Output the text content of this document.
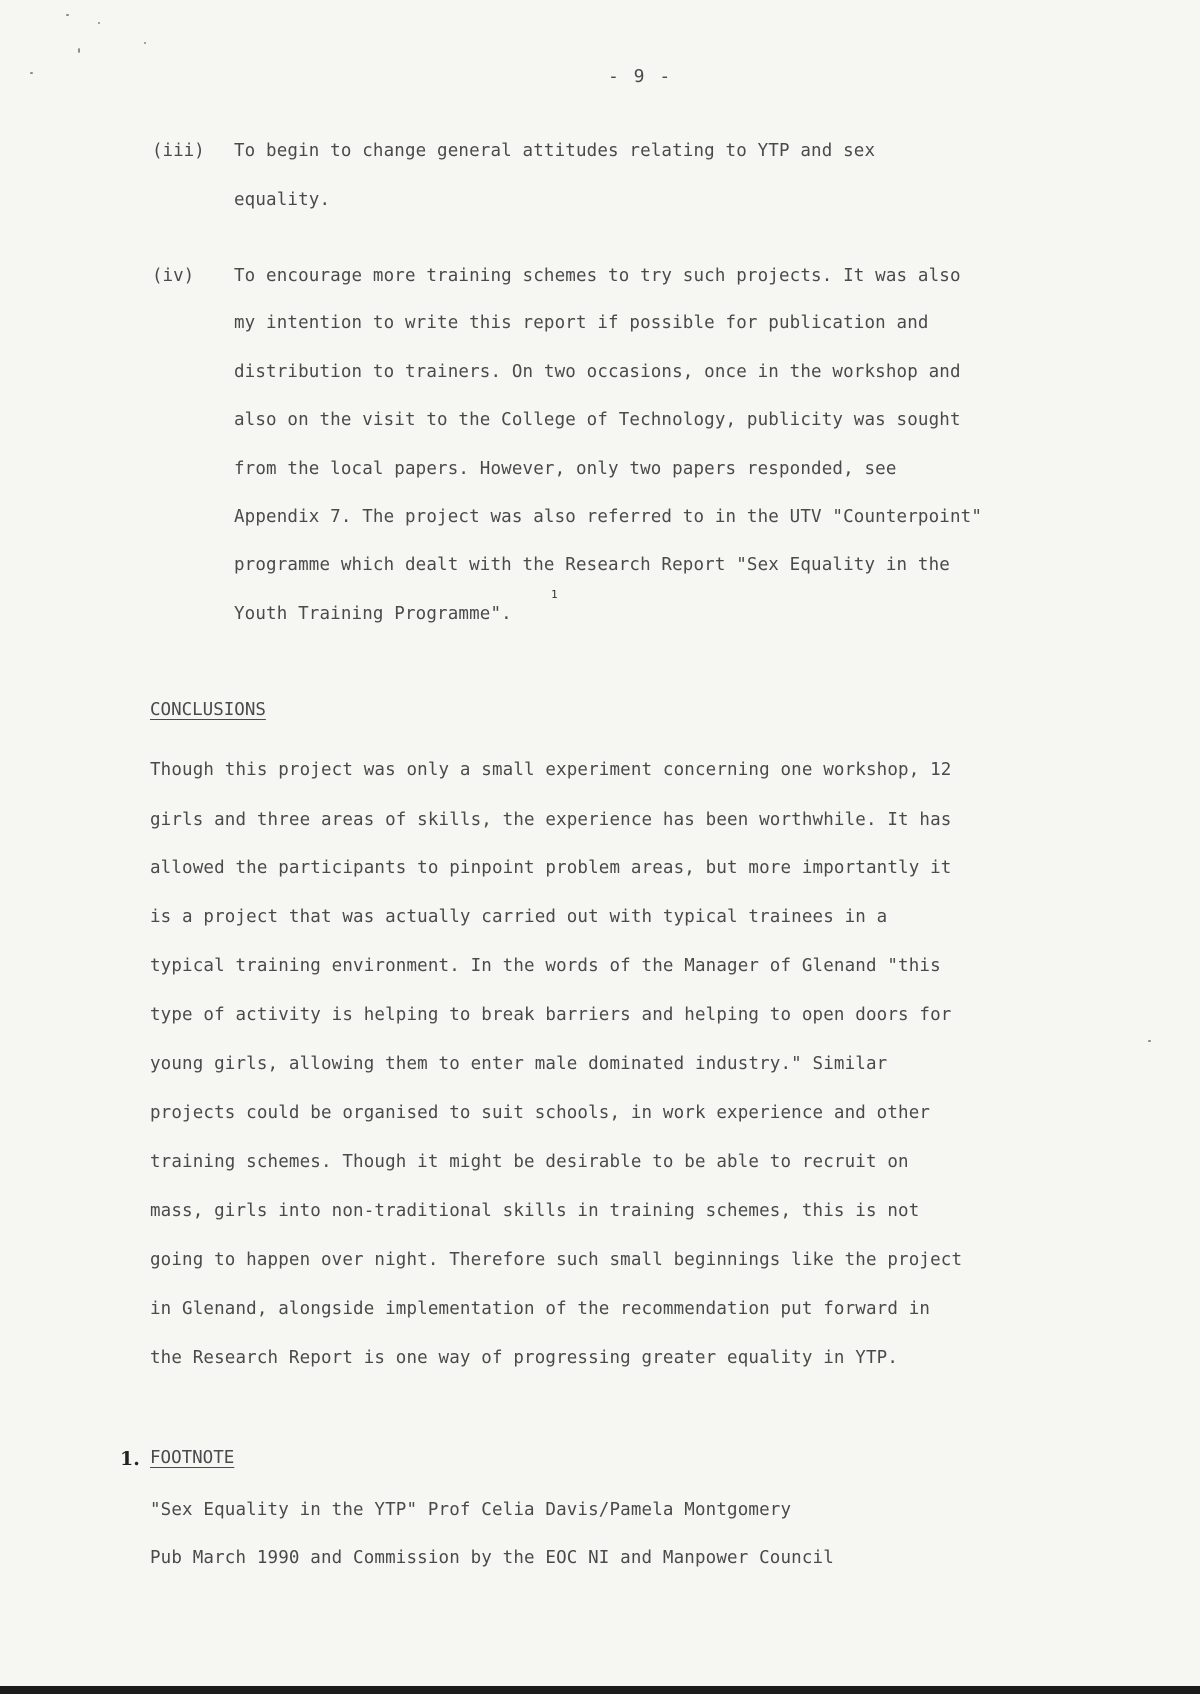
- 9 -
(iii) To begin to change general attitudes relating to YTP and sex
equality.
(iv) To encourage more training schemes to try such projects. It was also
my intention to write this report if possible for publication and
distribution to trainers. On two occasions, once in the workshop and
also on the visit to the College of Technology, publicity was sought
from the local papers. However, only two papers responded, see
Appendix 7. The project was also referred to in the UTV "Counterpoint"
programme which dealt with the Research Report "Sex Equality in the
Youth Training Programme".
1
CONCLUSIONS
Though this project was only a small experiment concerning one workshop, 12
girls and three areas of skills, the experience has been worthwhile. It has
allowed the participants to pinpoint problem areas, but more importantly it
is a project that was actually carried out with typical trainees in a
typical training environment. In the words of the Manager of Glenand "this
type of activity is helping to break barriers and helping to open doors for
young girls, allowing them to enter male dominated industry." Similar
projects could be organised to suit schools, in work experience and other
training schemes. Though it might be desirable to be able to recruit on
mass, girls into non-traditional skills in training schemes, this is not
going to happen over night. Therefore such small beginnings like the project
in Glenand, alongside implementation of the recommendation put forward in
the Research Report is one way of progressing greater equality in YTP.
1. FOOTNOTE
"Sex Equality in the YTP" Prof Celia Davis/Pamela Montgomery
Pub March 1990 and Commission by the EOC NI and Manpower Council
